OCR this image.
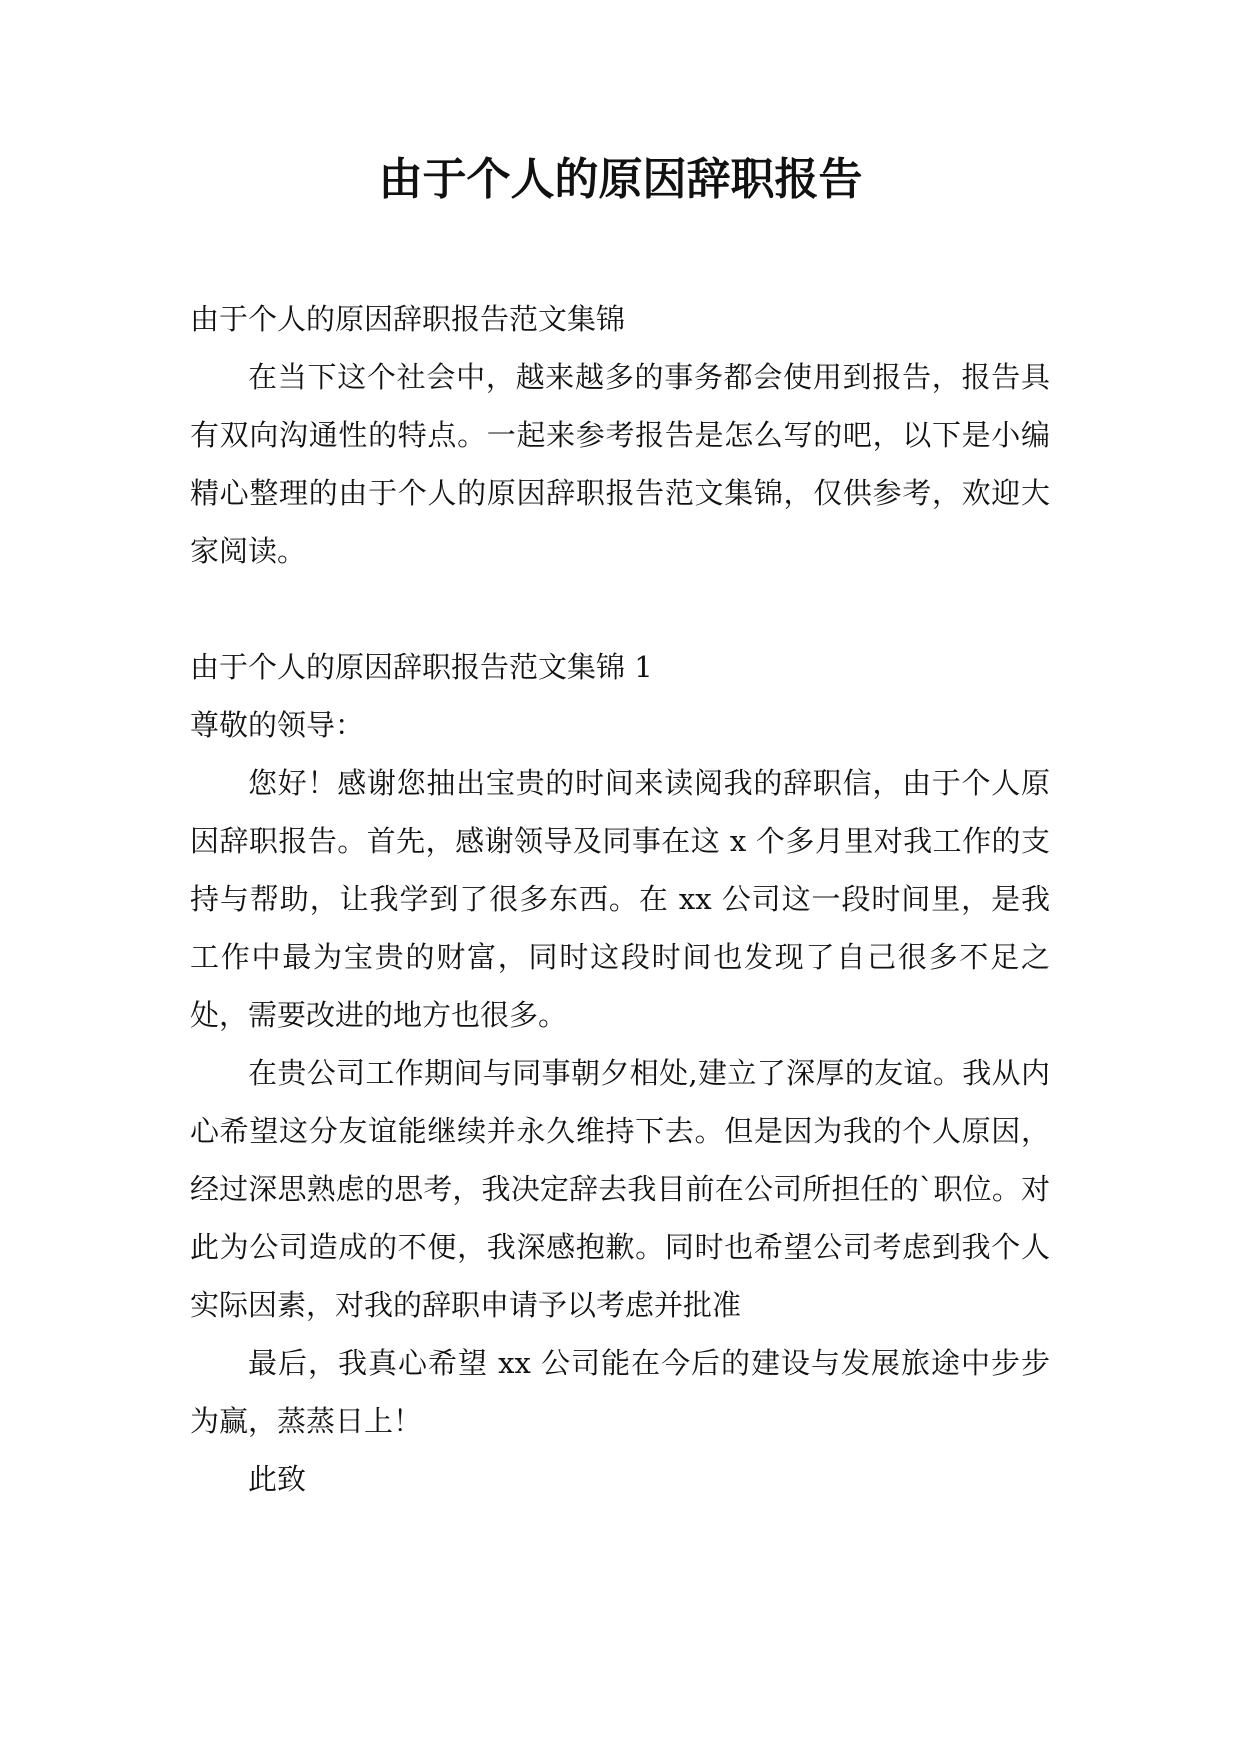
由于个人的原因辞职报告

由于个人的原因辞职报告范文集锦

在当下这个社会中，越来越多的事务都会使用到报告，报告具有双向沟通性的特点。一起来参考报告是怎么写的吧，以下是小编精心整理的由于个人的原因辞职报告范文集锦，仅供参考，欢迎大家阅读。

由于个人的原因辞职报告范文集锦 1

尊敬的领导：

您好！感谢您抽出宝贵的时间来读阅我的辞职信，由于个人原因辞职报告。首先，感谢领导及同事在这 x 个多月里对我工作的支持与帮助，让我学到了很多东西。在 xx 公司这一段时间里，是我工作中最为宝贵的财富，同时这段时间也发现了自己很多不足之处，需要改进的地方也很多。

在贵公司工作期间与同事朝夕相处,建立了深厚的友谊。我从内心希望这分友谊能继续并永久维持下去。但是因为我的个人原因，经过深思熟虑的思考，我决定辞去我目前在公司所担任的`职位。对此为公司造成的不便，我深感抱歉。同时也希望公司考虑到我个人实际因素，对我的辞职申请予以考虑并批准

最后，我真心希望 xx 公司能在今后的建设与发展旅途中步步为赢，蒸蒸日上！

此致
